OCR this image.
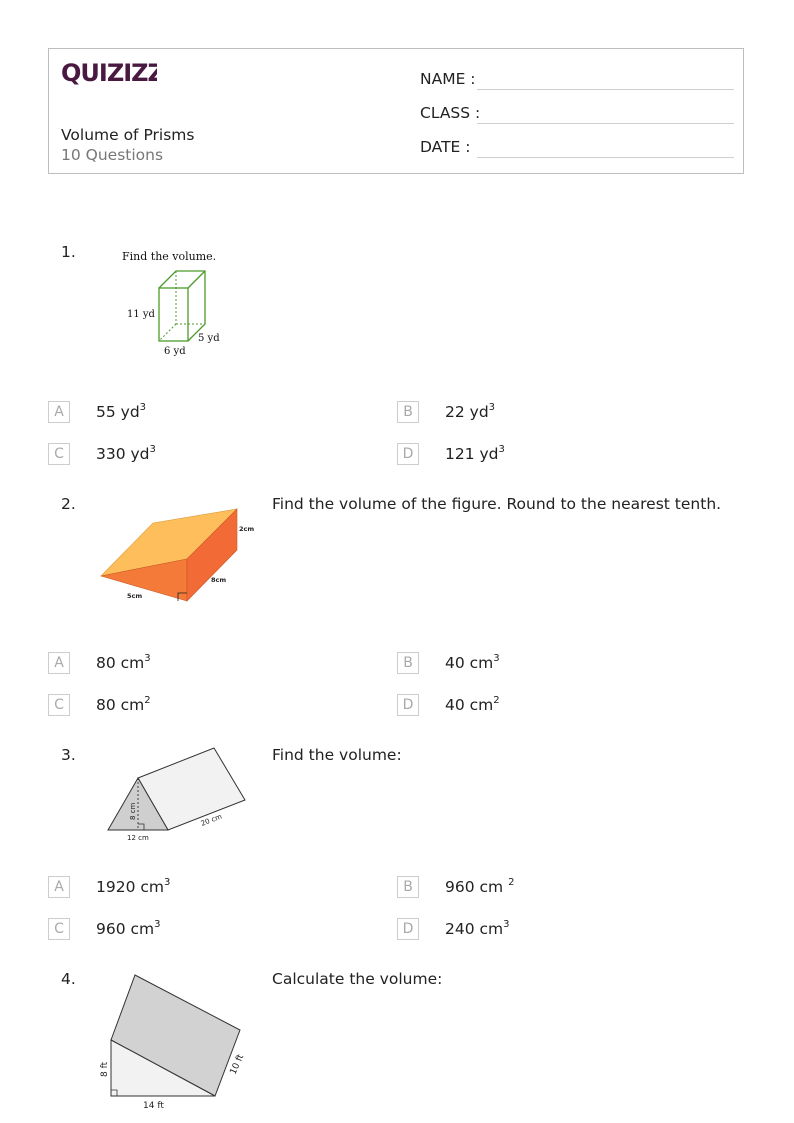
QUIZIZZ
Volume of Prisms
10 Questions
NAME :
CLASS :
DATE :
1.	Find the volume.
11 yd
6 yd
5 yd
A	55 $yd^3$	B	22 $yd^3$
C	330 $yd^3$	D	121 $yd^3$
2.	Find the volume of the figure. Round to the nearest tenth.
2cm
8cm
5cm
A	80 $cm^3$	B	40 $cm^3$
C	80 $cm^2$	D	40 $cm^2$
3.	Find the volume:
8 cm
12 cm
20 cm
A	1920 $cm^3$	B	960 cm $^2$
C	960 $cm^3$	D	240 $cm^3$
4.	Calculate the volume:
8 ft
14 ft
10 ft
